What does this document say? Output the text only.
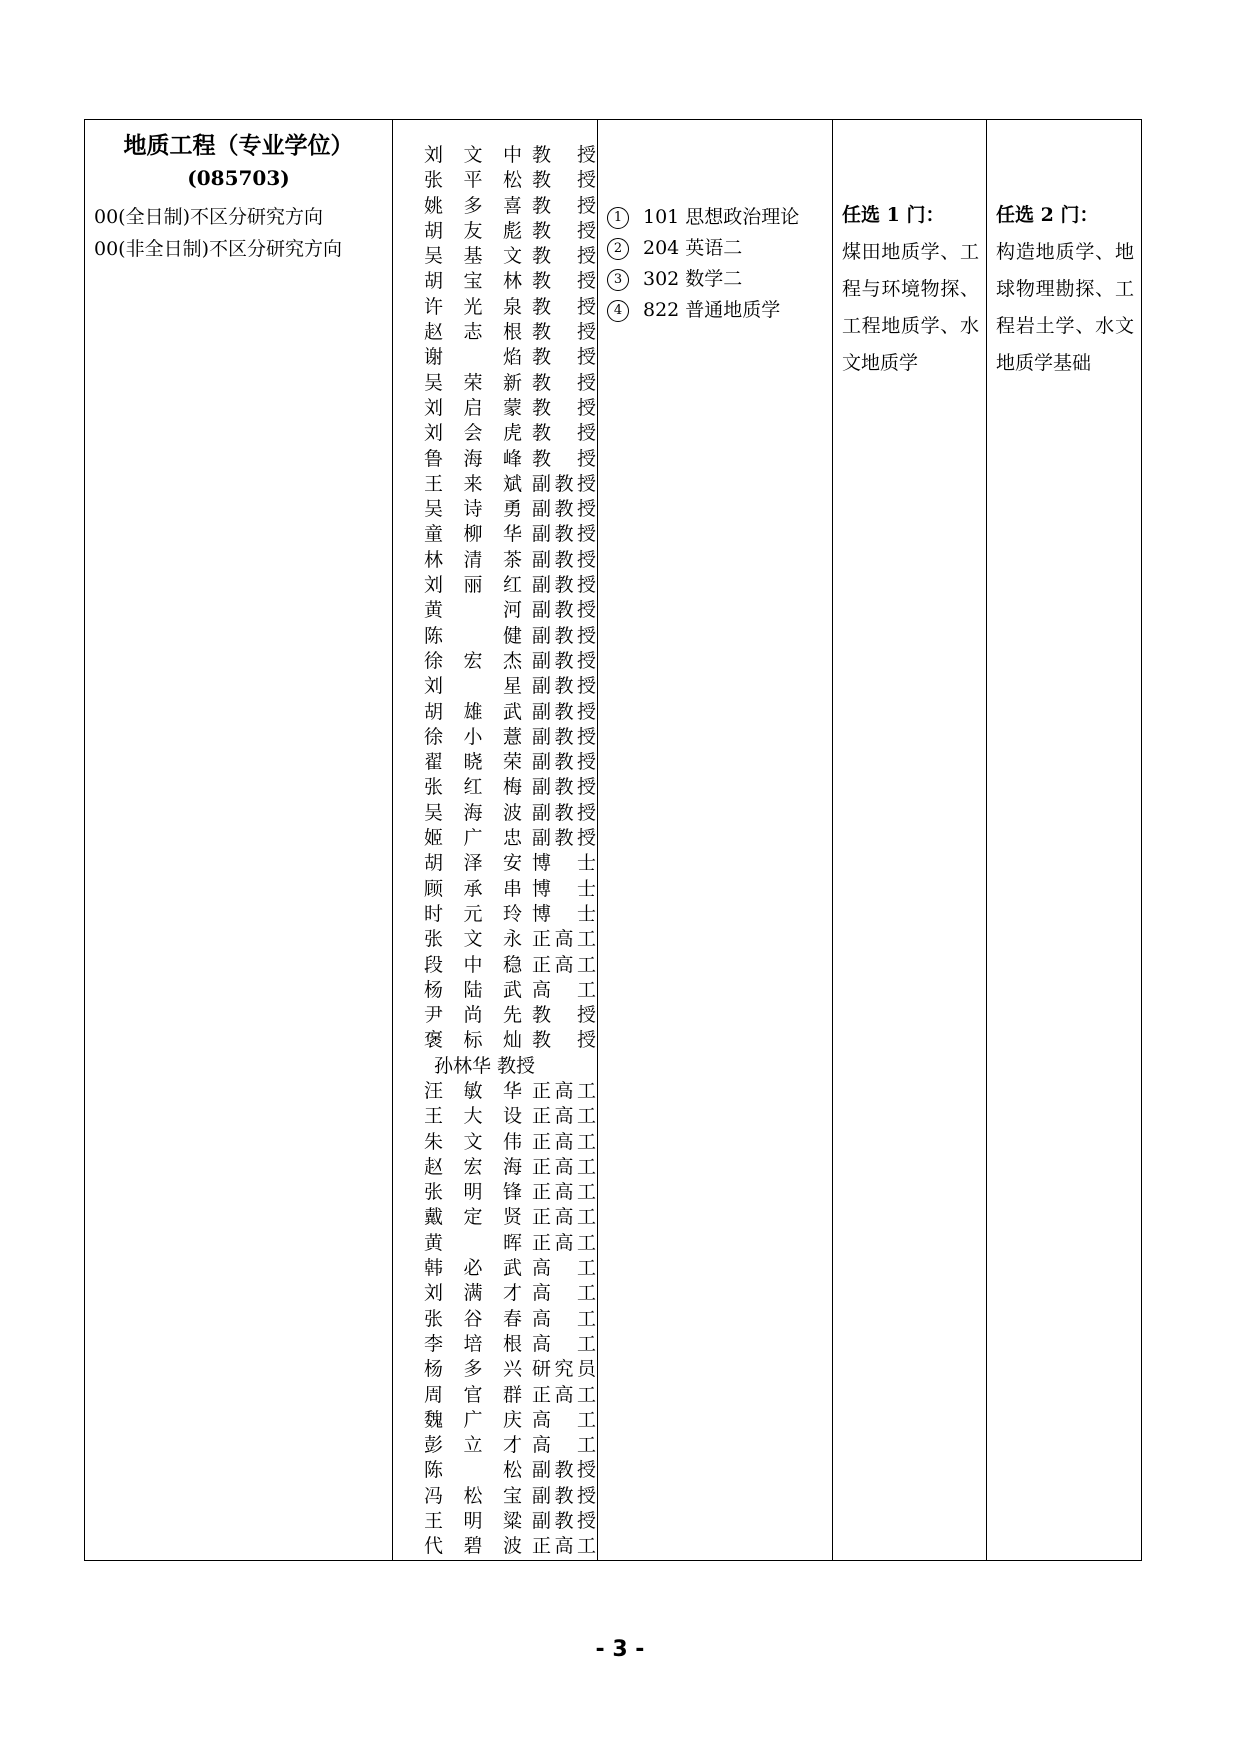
地质工程（专业学位）
(085703)
00(全日制)不区分研究方向
00(非全日制)不区分研究方向

刘文中 教授
张平松 教授
姚多喜 教授
胡友彪 教授
吴基文 教授
胡宝林 教授
许光泉 教授
赵志根 教授
谢焰 教授
吴荣新 教授
刘启蒙 教授
刘会虎 教授
鲁海峰 教授
王来斌 副教授
吴诗勇 副教授
童柳华 副教授
林清茶 副教授
刘丽红 副教授
黄河 副教授
陈健 副教授
徐宏杰 副教授
刘星 副教授
胡雄武 副教授
徐小薏 副教授
翟晓荣 副教授
张红梅 副教授
吴海波 副教授
姬广忠 副教授
胡泽安 博士
顾承串 博士
时元玲 博士
张文永 正高工
段中稳 正高工
杨陆武 高工
尹尚先 教授
褒标灿 教授
孙林华 教授
汪敏华 正高工
王大设 正高工
朱文伟 正高工
赵宏海 正高工
张明锋 正高工
戴定贤 正高工
黄晖 正高工
韩必武 高工
刘满才 高工
张谷春 高工
李培根 高工
杨多兴 研究员
周官群 正高工
魏广庆 高工
彭立才 高工
陈松 副教授
冯松宝 副教授
王明粱 副教授
代碧波 正高工

1 101 思想政治理论
2 204 英语二
3 302 数学二
4 822 普通地质学

任选 1 门：
煤田地质学、工程与环境物探、工程地质学、水文地质学

任选 2 门：
构造地质学、地球物理勘探、工程岩土学、水文地质学基础
- 3 -
